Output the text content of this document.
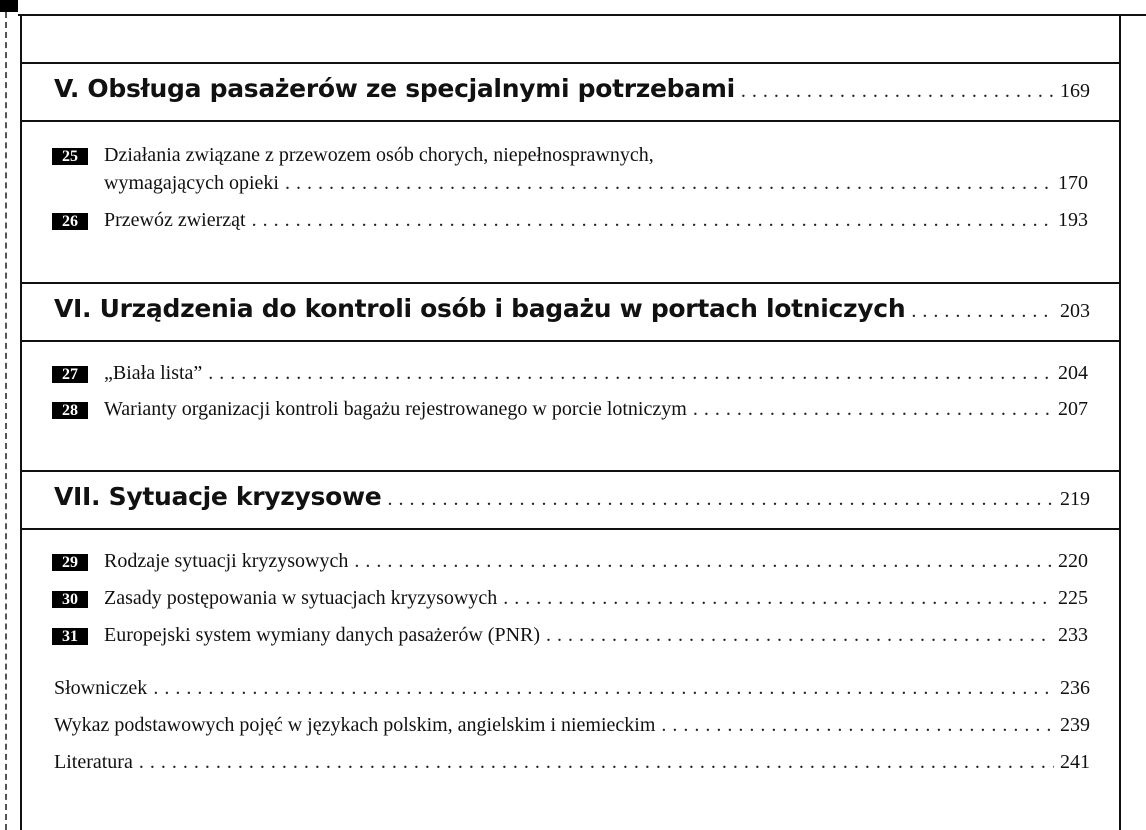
V. Obsługa pasażerów ze specjalnymi potrzebami . . .	169
25	Działania związane z przewozem osób chorych, niepełnosprawnych,
wymagających opieki . . .	170
26	Przewóz zwierząt . . .	193
VI. Urządzenia do kontroli osób i bagażu w portach lotniczych . . .	203
27	„Biała lista” . . .	204
28	Warianty organizacji kontroli bagażu rejestrowanego w porcie lotniczym . . .	207
VII. Sytuacje kryzysowe . . .	219
29	Rodzaje sytuacji kryzysowych . . .	220
30	Zasady postępowania w sytuacjach kryzysowych . . .	225
31	Europejski system wymiany danych pasażerów (PNR) . . .	233
Słowniczek . . .	236
Wykaz podstawowych pojęć w językach polskim, angielskim i niemieckim . . .	239
Literatura . . .	241
